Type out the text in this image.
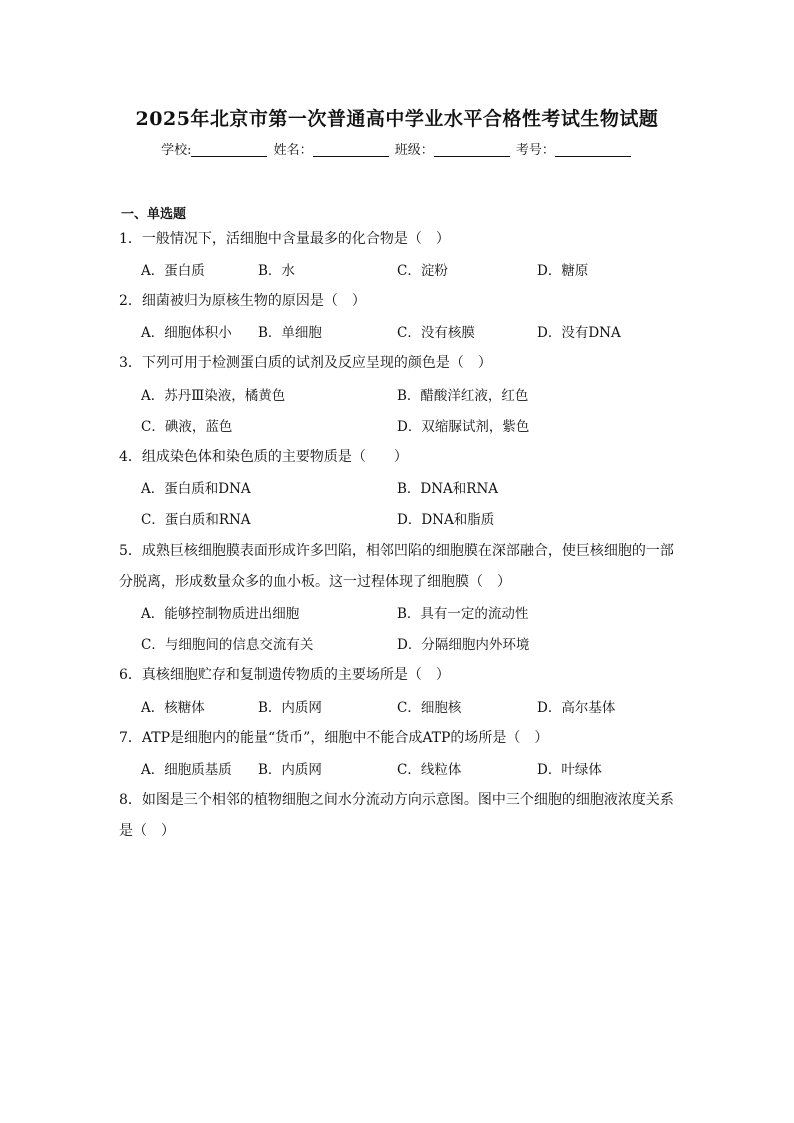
2025年北京市第一次普通高中学业水平合格性考试生物试题
学校:	姓名：	班级：	考号：
一、单选题
1．一般情况下，活细胞中含量最多的化合物是（　）
A．蛋白质	B．水	C．淀粉	D．糖原
2．细菌被归为原核生物的原因是（　）
A．细胞体积小 B．单细胞	C．没有核膜	D．没有DNA
3．下列可用于检测蛋白质的试剂及反应呈现的颜色是（　）
A．苏丹Ⅲ染液，橘黄色	B．醋酸洋红液，红色
C．碘液，蓝色	D．双缩脲试剂，紫色
4．组成染色体和染色质的主要物质是（　　）
A．蛋白质和DNA	B．DNA和RNA
C．蛋白质和RNA	D．DNA和脂质
5．成熟巨核细胞膜表面形成许多凹陷，相邻凹陷的细胞膜在深部融合，使巨核细胞的一部
分脱离，形成数量众多的血小板。这一过程体现了细胞膜（　）
A．能够控制物质进出细胞	B．具有一定的流动性
C．与细胞间的信息交流有关	D．分隔细胞内外环境
6．真核细胞贮存和复制遗传物质的主要场所是（　）
A．核糖体	B．内质网	C．细胞核	D．高尔基体
7．ATP是细胞内的能量“货币”，细胞中不能合成ATP的场所是（　）
A．细胞质基质 B．内质网	C．线粒体	D．叶绿体
8．如图是三个相邻的植物细胞之间水分流动方向示意图。图中三个细胞的细胞液浓度关系
是（　）
